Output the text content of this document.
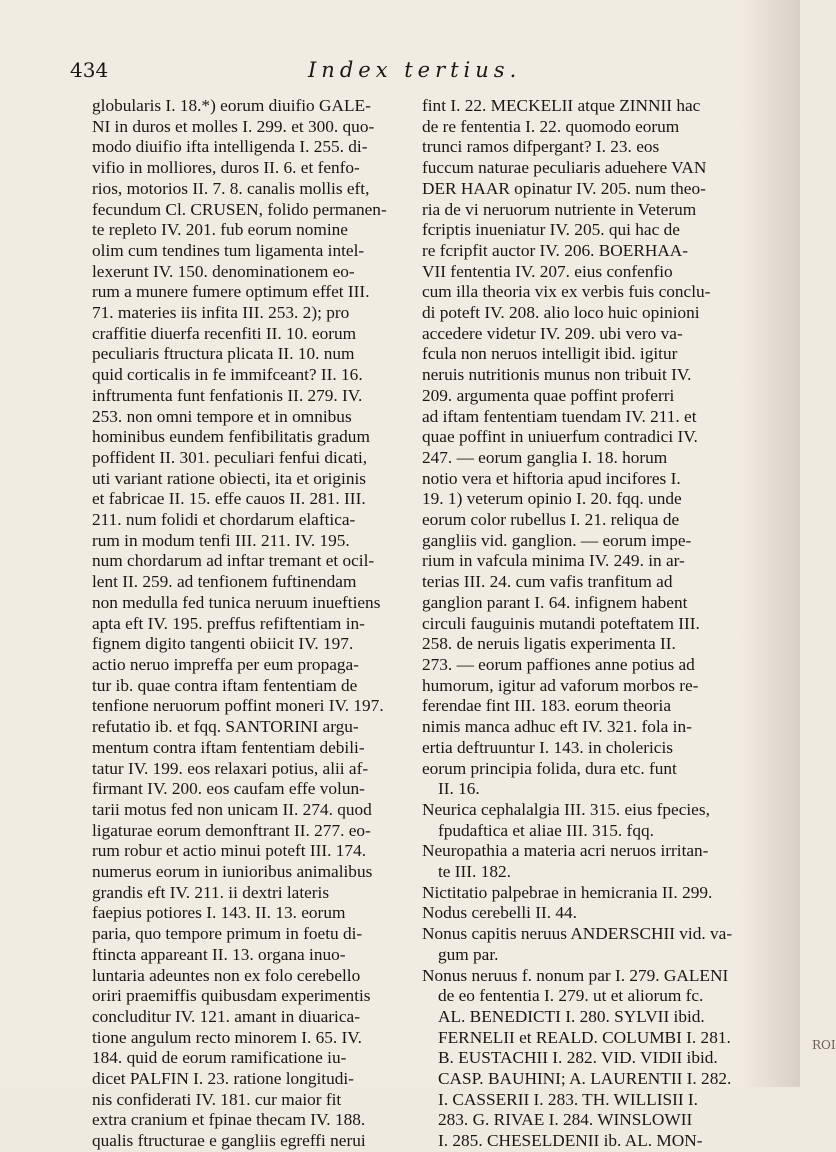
434	Index tertius.
globularis I. 18.*) eorum diuifio GALE-
NI in duros et molles I. 299. et 300. quo-
modo diuifio ifta intelligenda I. 255. di-
vifio in molliores, duros II. 6. et fenfo-
rios, motorios II. 7. 8. canalis mollis eft,
fecundum Cl. CRUSEN, folido permanen-
te repleto IV. 201. fub eorum nomine
olim cum tendines tum ligamenta intel-
lexerunt IV. 150. denominationem eo-
rum a munere fumere optimum effet III.
71. materies iis infita III. 253. 2); pro
craffitie diuerfa recenfiti II. 10. eorum
peculiaris ftructura plicata II. 10. num
quid corticalis in fe immifceant? II. 16.
inftrumenta funt fenfationis II. 279. IV.
253. non omni tempore et in omnibus
hominibus eundem fenfibilitatis gradum
poffident II. 301. peculiari fenfui dicati,
uti variant ratione obiecti, ita et originis
et fabricae II. 15. effe cauos II. 281. III.
211. num folidi et chordarum elaftica-
rum in modum tenfi III. 211. IV. 195.
num chordarum ad inftar tremant et ocil-
lent II. 259. ad tenfionem fuftinendam
non medulla fed tunica neruum inueftiens
apta eft IV. 195. preffus refiftentiam in-
fignem digito tangenti obiicit IV. 197.
actio neruo impreffa per eum propaga-
tur ib. quae contra iftam fententiam de
tenfione neruorum poffint moneri IV. 197.
refutatio ib. et fqq. SANTORINI argu-
mentum contra iftam fententiam debili-
tatur IV. 199. eos relaxari potius, alii af-
firmant IV. 200. eos caufam effe volun-
tarii motus fed non unicam II. 274. quod
ligaturae eorum demonftrant II. 277. eo-
rum robur et actio minui poteft III. 174.
numerus eorum in iunioribus animalibus
grandis eft IV. 211. ii dextri lateris
faepius potiores I. 143. II. 13. eorum
paria, quo tempore primum in foetu di-
ftincta appareant II. 13. organa inuo-
luntaria adeuntes non ex folo cerebello
oriri praemiffis quibusdam experimentis
concluditur IV. 121. amant in diuarica-
tione angulum recto minorem I. 65. IV.
184. quid de eorum ramificatione iu-
dicet PALFIN I. 23. ratione longitudi-
nis confiderati IV. 181. cur maior fit
extra cranium et fpinae thecam IV. 188.
qualis ftructurae e gangliis egreffi nerui
fint I. 22. MECKELII atque ZINNII hac
de re fententia I. 22. quomodo eorum
trunci ramos difpergant? I. 23. eos
fuccum naturae peculiaris aduehere VAN
DER HAAR opinatur IV. 205. num theo-
ria de vi neruorum nutriente in Veterum
fcriptis inueniatur IV. 205. qui hac de
re fcripfit auctor IV. 206. BOERHAA-
VII fententia IV. 207. eius confenfio
cum illa theoria vix ex verbis fuis conclu-
di poteft IV. 208. alio loco huic opinioni
accedere videtur IV. 209. ubi vero va-
fcula non neruos intelligit ibid. igitur
neruis nutritionis munus non tribuit IV.
209. argumenta quae poffint proferri
ad iftam fententiam tuendam IV. 211. et
quae poffint in uniuerfum contradici IV.
247. — eorum ganglia I. 18. horum
notio vera et hiftoria apud incifores I.
19. 1) veterum opinio I. 20. fqq. unde
eorum color rubellus I. 21. reliqua de
gangliis vid. ganglion. — eorum impe-
rium in vafcula minima IV. 249. in ar-
terias III. 24. cum vafis tranfitum ad
ganglion parant I. 64. infignem habent
circuli fauguinis mutandi poteftatem III.
258. de neruis ligatis experimenta II.
273. — eorum paffiones anne potius ad
humorum, igitur ad vaforum morbos re-
ferendae fint III. 183. eorum theoria
nimis manca adhuc eft IV. 321. fola in-
ertia deftruuntur I. 143. in cholericis
eorum principia folida, dura etc. funt
II. 16.
Neurica cephalalgia III. 315. eius fpecies,
fpudaftica et aliae III. 315. fqq.
Neuropathia a materia acri neruos irritan-
te III. 182.
Nictitatio palpebrae in hemicrania II. 299.
Nodus cerebelli II. 44.
Nonus capitis neruus ANDERSCHII vid. va-
gum par.
Nonus neruus f. nonum par I. 279. GALENI
de eo fententia I. 279. ut et aliorum fc.
AL. BENEDICTI I. 280. SYLVII ibid.
FERNELII et REALD. COLUMBI I. 281.
B. EUSTACHII I. 282. VID. VIDII ibid.
CASP. BAUHINI; A. LAURENTII I. 282.
I. CASSERII I. 283. TH. WILLISII I.
283. G. RIVAE I. 284. WINSLOWII
I. 285. CHESELDENII ib. AL. MON-
ROI
